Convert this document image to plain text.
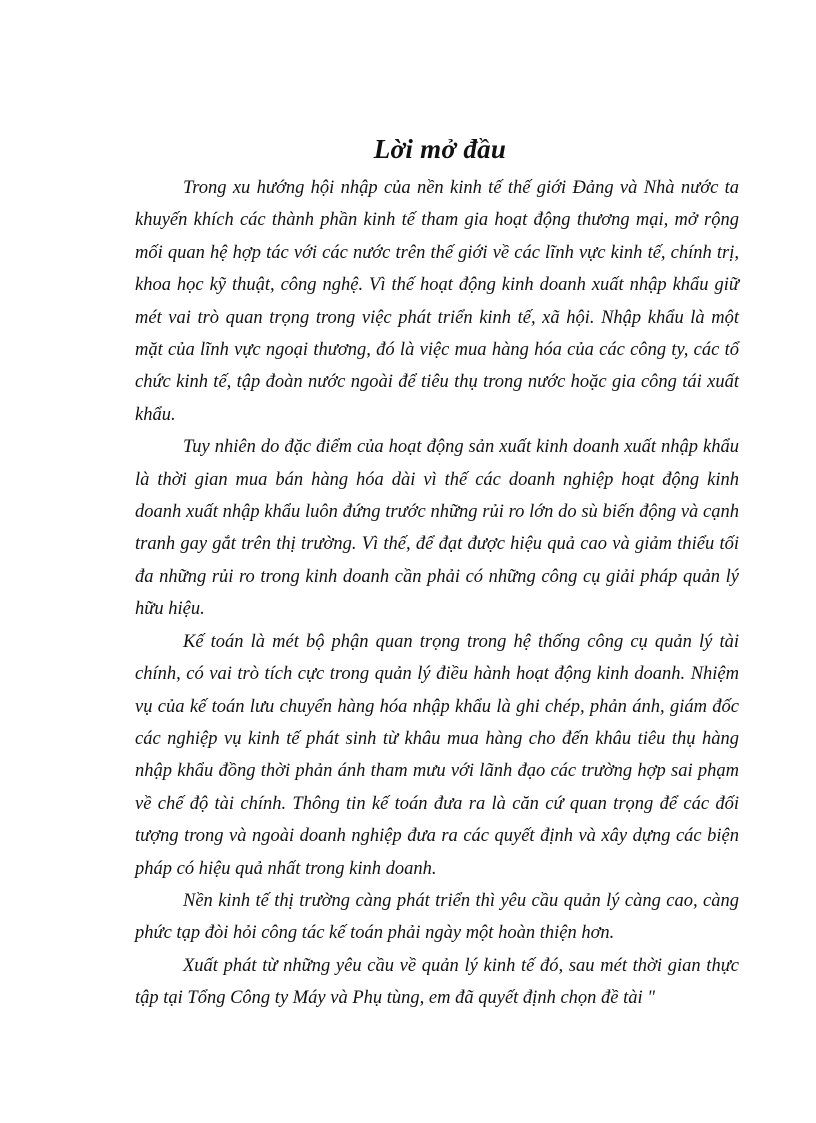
Lời mở đầu

Trong xu hướng hội nhập của nền kinh tế thế giới Đảng và Nhà nước ta khuyến khích các thành phần kinh tế tham gia hoạt động thương mại, mở rộng mối quan hệ hợp tác với các nước trên thế giới về các lĩnh vực kinh tế, chính trị, khoa học kỹ thuật, công nghệ. Vì thế hoạt động kinh doanh xuất nhập khẩu giữ mét vai trò quan trọng trong việc phát triển kinh tế, xã hội. Nhập khẩu là một mặt của lĩnh vực ngoại thương, đó là việc mua hàng hóa của các công ty, các tổ chức kinh tế, tập đoàn nước ngoài để tiêu thụ trong nước hoặc gia công tái xuất khẩu.

Tuy nhiên do đặc điểm của hoạt động sản xuất kinh doanh xuất nhập khẩu là thời gian mua bán hàng hóa dài vì thế các doanh nghiệp hoạt động kinh doanh xuất nhập khẩu luôn đứng trước những rủi ro lớn do sù biến động và cạnh tranh gay gắt trên thị trường. Vì thế, để đạt được hiệu quả cao và giảm thiểu tối đa những rủi ro trong kinh doanh cần phải có những công cụ giải pháp quản lý hữu hiệu.

Kế toán là mét bộ phận quan trọng trong hệ thống công cụ quản lý tài chính, có vai trò tích cực trong quản lý điều hành hoạt động kinh doanh. Nhiệm vụ của kế toán lưu chuyển hàng hóa nhập khẩu là ghi chép, phản ánh, giám đốc các nghiệp vụ kinh tế phát sinh từ khâu mua hàng cho đến khâu tiêu thụ hàng nhập khẩu đồng thời phản ánh tham mưu với lãnh đạo các trường hợp sai phạm về chế độ tài chính. Thông tin kế toán đưa ra là căn cứ quan trọng để các đối tượng trong và ngoài doanh nghiệp đưa ra các quyết định và xây dựng các biện pháp có hiệu quả nhất trong kinh doanh.

Nền kinh tế thị trường càng phát triển thì yêu cầu quản lý càng cao, càng phức tạp đòi hỏi công tác kế toán phải ngày một hoàn thiện hơn.

Xuất phát từ những yêu cầu về quản lý kinh tế đó, sau mét thời gian thực tập tại Tổng Công ty Máy và Phụ tùng, em đã quyết định chọn đề tài "
